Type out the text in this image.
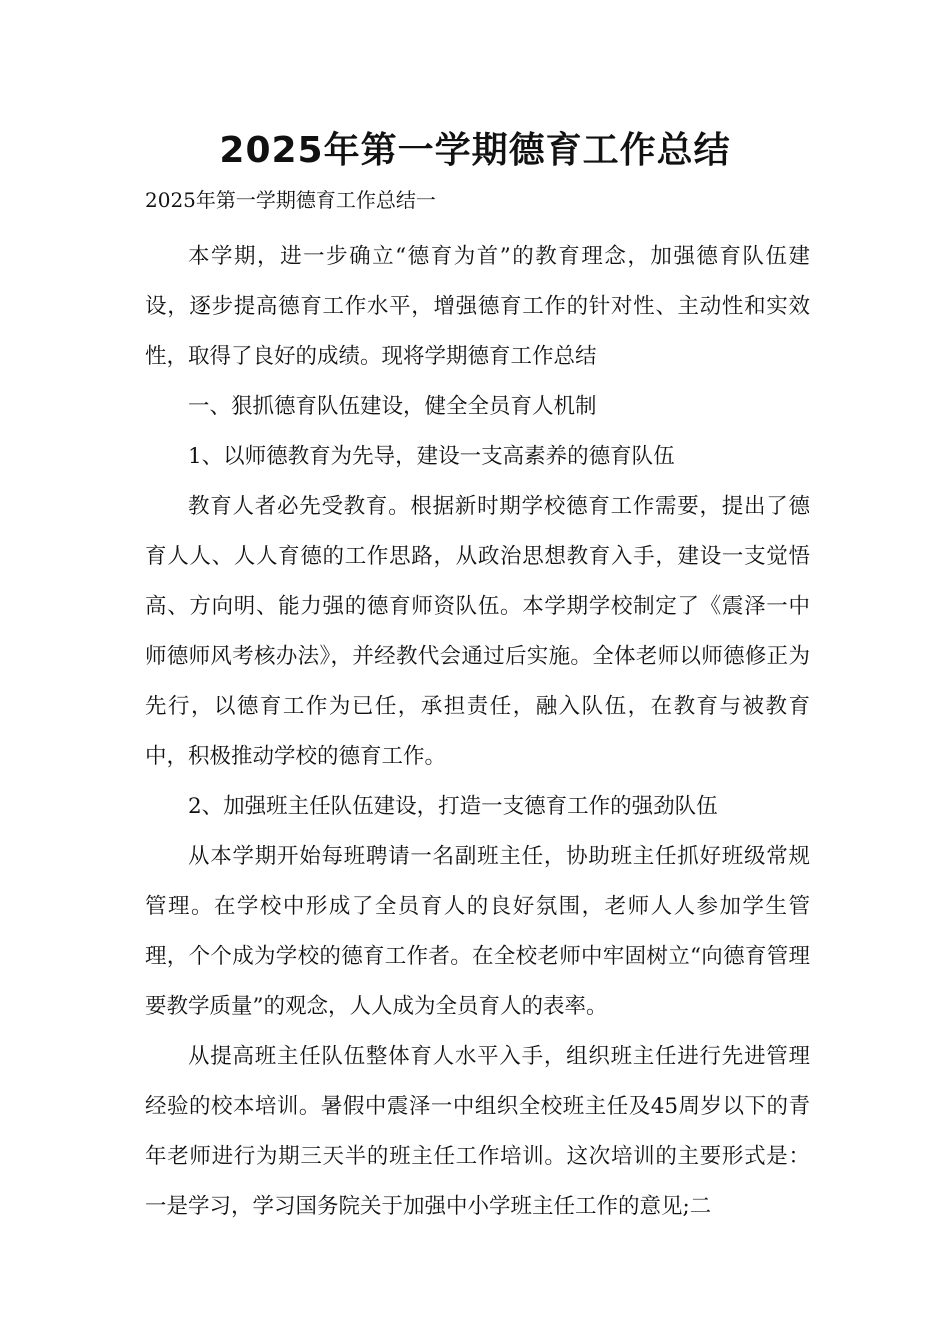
2025年第一学期德育工作总结

2025年第一学期德育工作总结一

本学期，进一步确立“德育为首”的教育理念，加强德育队伍建设，逐步提高德育工作水平，增强德育工作的针对性、主动性和实效性，取得了良好的成绩。现将学期德育工作总结

一、狠抓德育队伍建设，健全全员育人机制

1、以师德教育为先导，建设一支高素养的德育队伍

教育人者必先受教育。根据新时期学校德育工作需要，提出了德育人人、人人育德的工作思路，从政治思想教育入手，建设一支觉悟高、方向明、能力强的德育师资队伍。本学期学校制定了《震泽一中师德师风考核办法》，并经教代会通过后实施。全体老师以师德修正为先行，以德育工作为已任，承担责任，融入队伍，在教育与被教育中，积极推动学校的德育工作。

2、加强班主任队伍建设，打造一支德育工作的强劲队伍

从本学期开始每班聘请一名副班主任，协助班主任抓好班级常规管理。在学校中形成了全员育人的良好氛围，老师人人参加学生管理，个个成为学校的德育工作者。在全校老师中牢固树立“向德育管理要教学质量”的观念，人人成为全员育人的表率。

从提高班主任队伍整体育人水平入手，组织班主任进行先进管理经验的校本培训。暑假中震泽一中组织全校班主任及45周岁以下的青年老师进行为期三天半的班主任工作培训。这次培训的主要形式是：一是学习，学习国务院关于加强中小学班主任工作的意见;二
